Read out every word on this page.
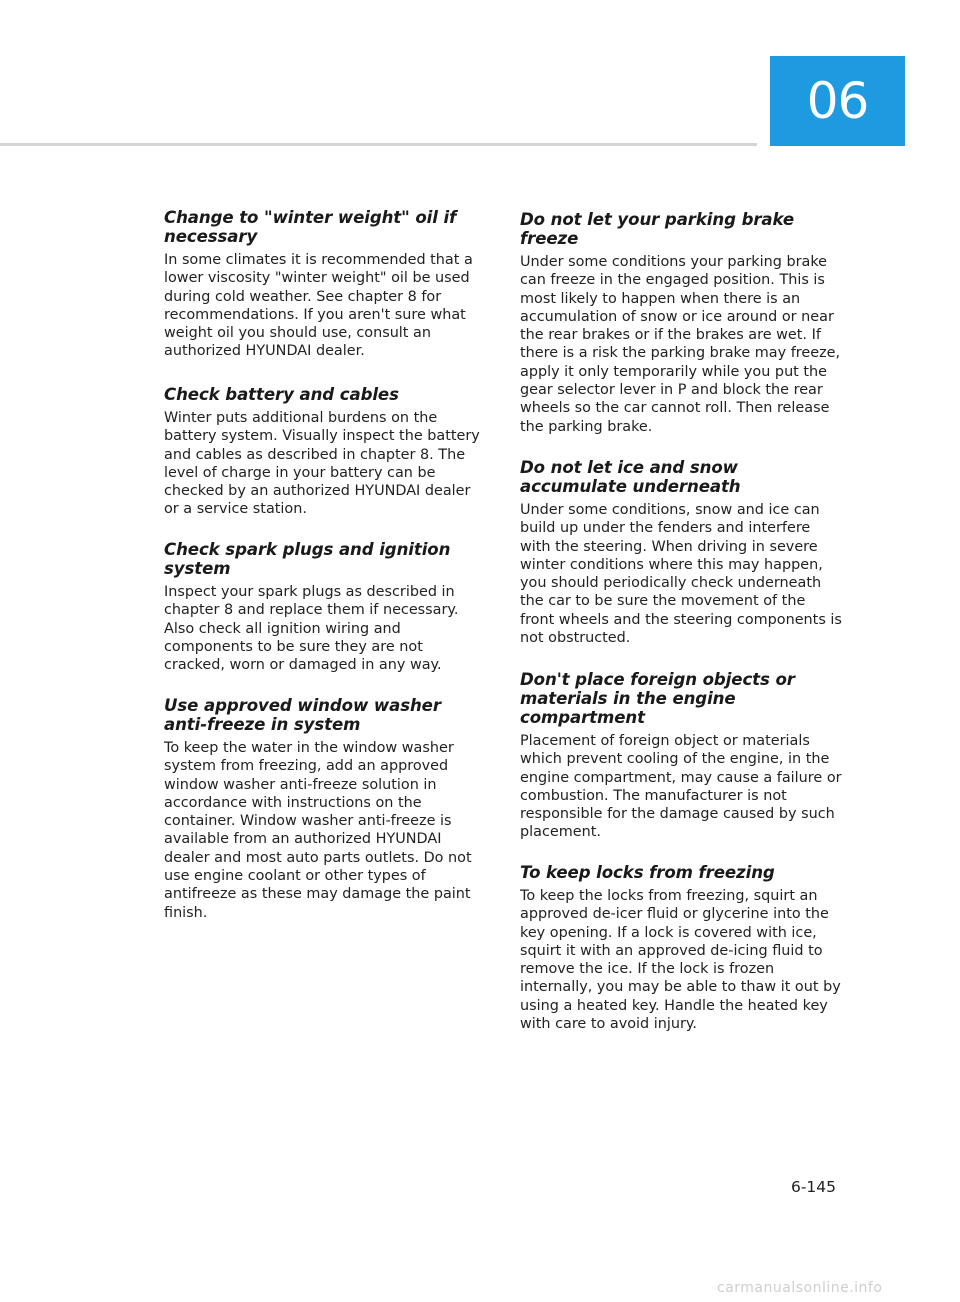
06
Change to "winter weight" oil if necessary

In some climates it is recommended that a lower viscosity "winter weight" oil be used during cold weather. See chapter 8 for recommendations. If you aren't sure what weight oil you should use, consult an authorized HYUNDAI dealer.

Check battery and cables

Winter puts additional burdens on the battery system. Visually inspect the battery and cables as described in chapter 8. The level of charge in your battery can be checked by an authorized HYUNDAI dealer or a service station.

Check spark plugs and ignition system

Inspect your spark plugs as described in chapter 8 and replace them if necessary. Also check all ignition wiring and components to be sure they are not cracked, worn or damaged in any way.

Use approved window washer anti-freeze in system

To keep the water in the window washer system from freezing, add an approved window washer anti-freeze solution in accordance with instructions on the container. Window washer anti-freeze is available from an authorized HYUNDAI dealer and most auto parts outlets. Do not use engine coolant or other types of antifreeze as these may damage the paint finish.

Do not let your parking brake freeze

Under some conditions your parking brake can freeze in the engaged position. This is most likely to happen when there is an accumulation of snow or ice around or near the rear brakes or if the brakes are wet. If there is a risk the parking brake may freeze, apply it only temporarily while you put the gear selector lever in P and block the rear wheels so the car cannot roll. Then release the parking brake.

Do not let ice and snow accumulate underneath

Under some conditions, snow and ice can build up under the fenders and interfere with the steering. When driving in severe winter conditions where this may happen, you should periodically check underneath the car to be sure the movement of the front wheels and the steering components is not obstructed.

Don't place foreign objects or materials in the engine compartment

Placement of foreign object or materials which prevent cooling of the engine, in the engine compartment, may cause a failure or combustion. The manufacturer is not responsible for the damage caused by such placement.

To keep locks from freezing

To keep the locks from freezing, squirt an approved de-icer fluid or glycerine into the key opening. If a lock is covered with ice, squirt it with an approved de-icing fluid to remove the ice. If the lock is frozen internally, you may be able to thaw it out by using a heated key. Handle the heated key with care to avoid injury.

6-145
carmanualsonline.info
